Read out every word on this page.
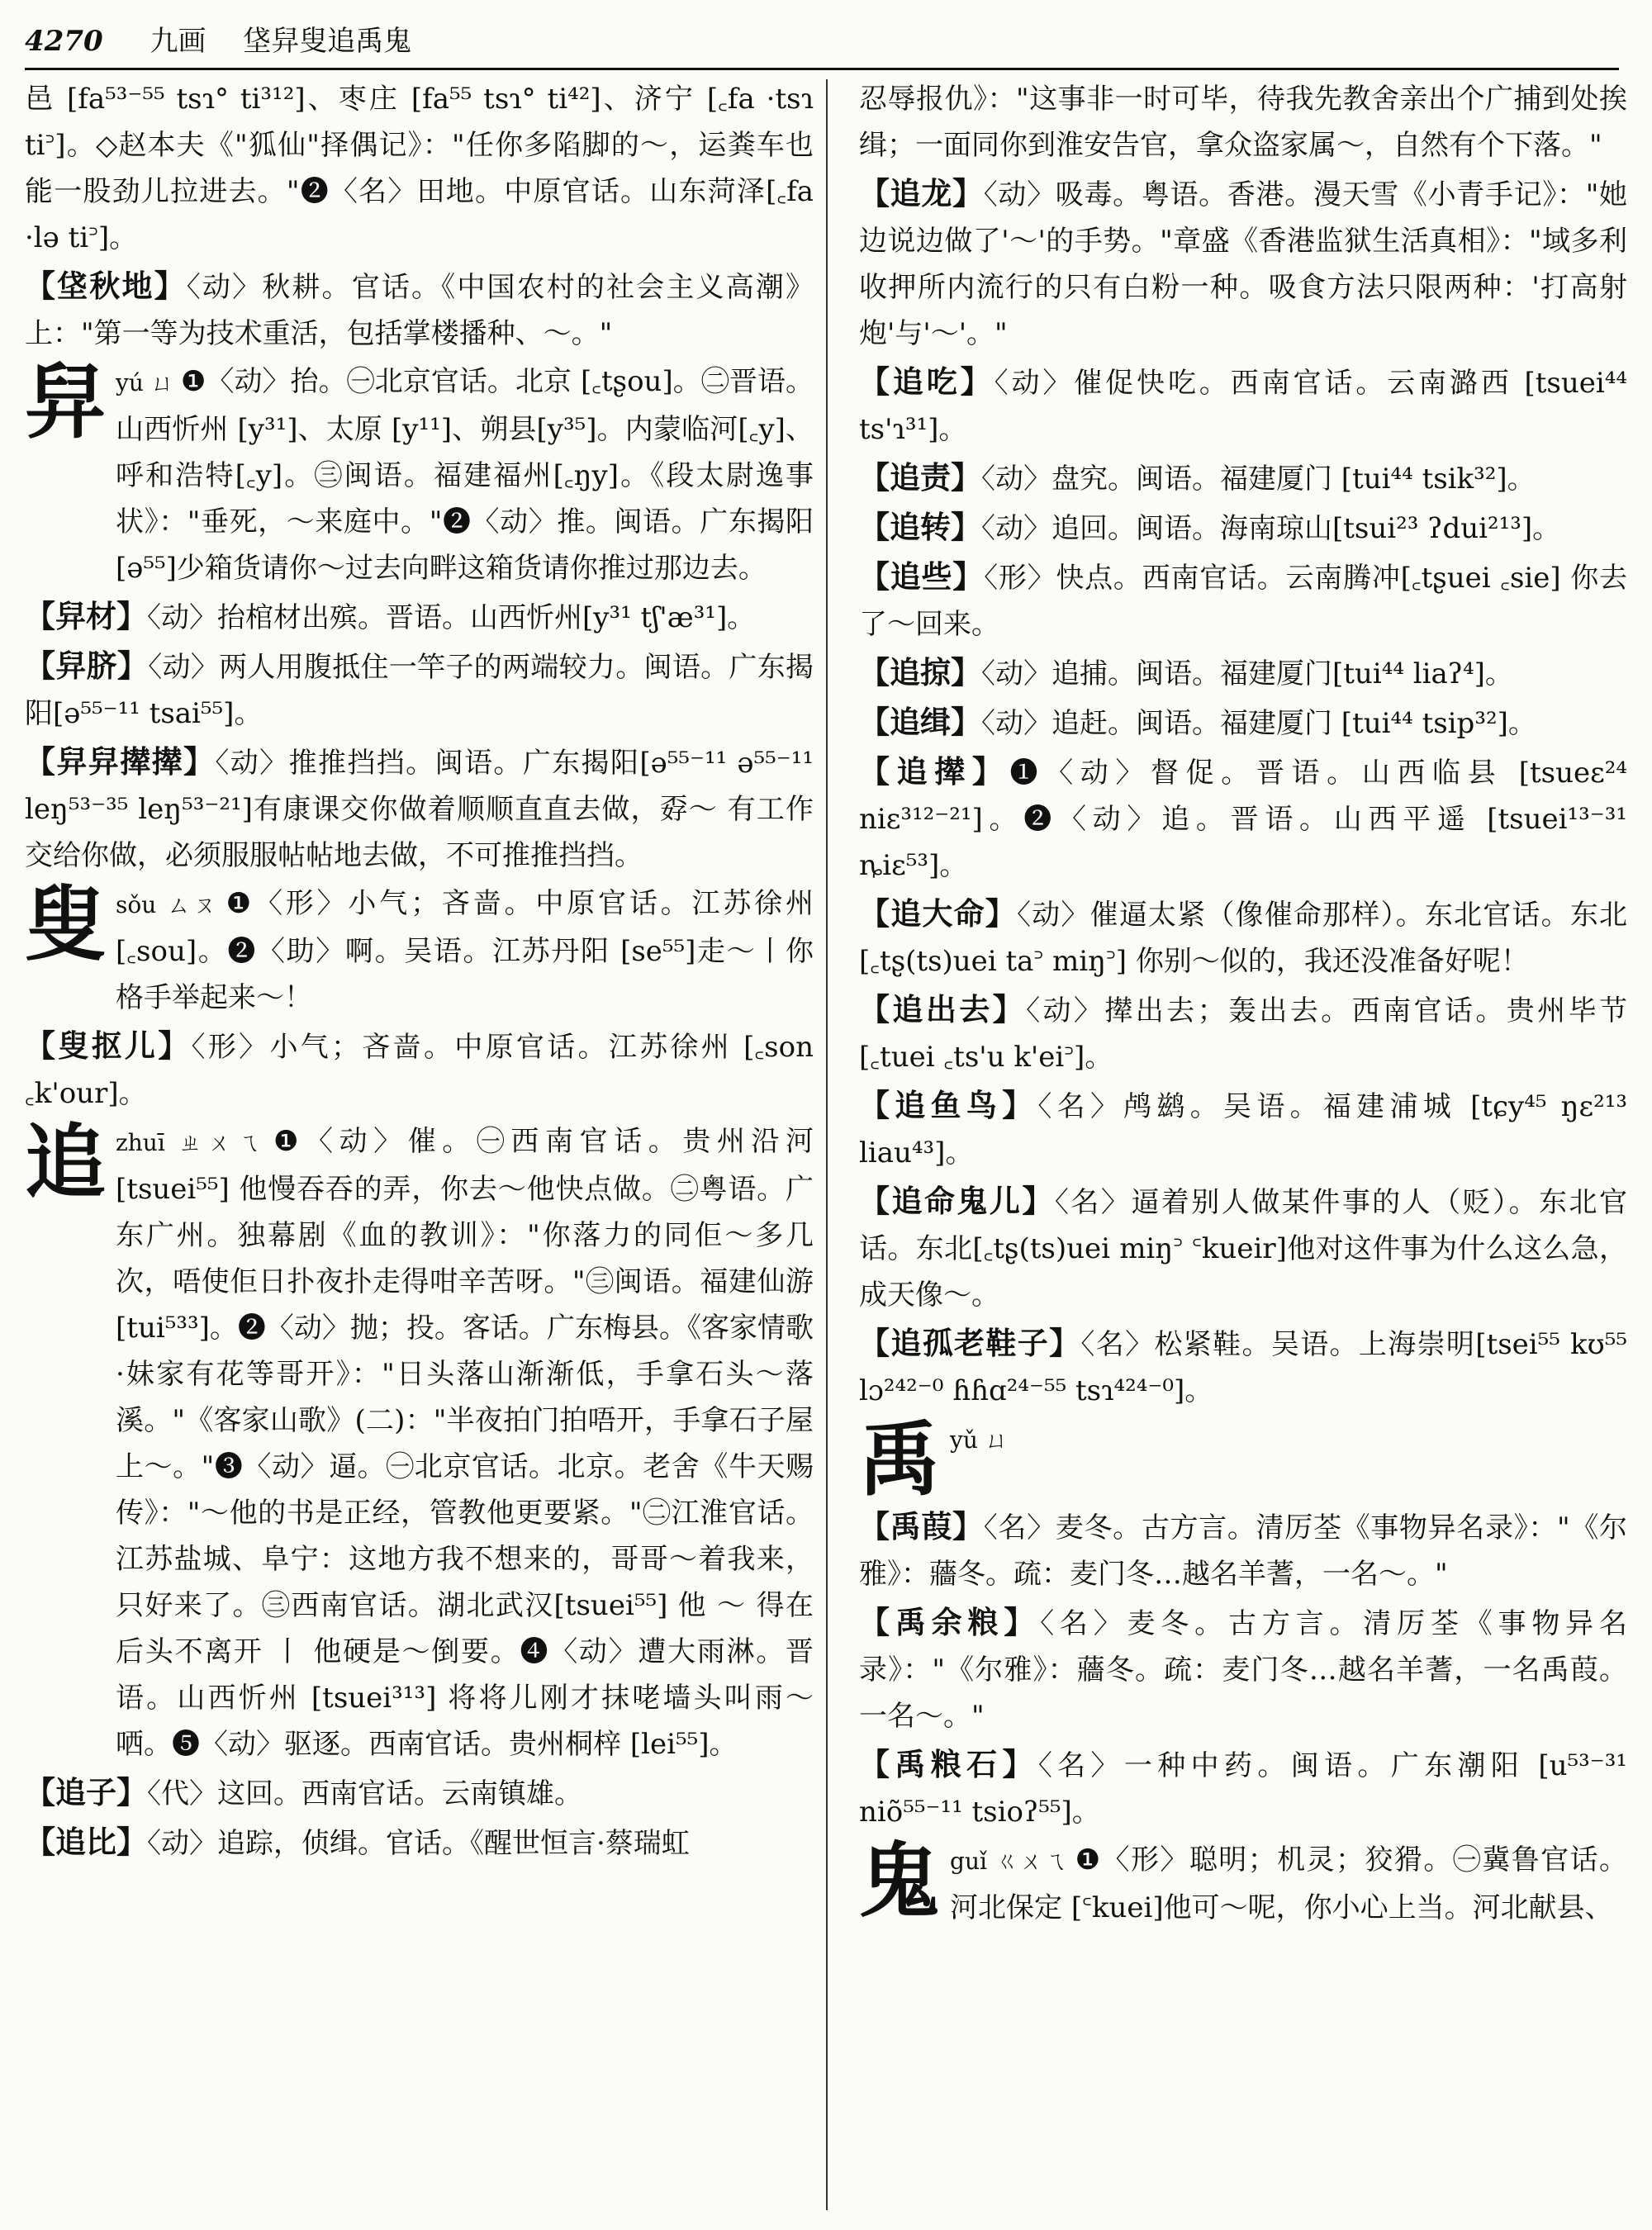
4270 九画 垡舁叟追禹鬼
邑 [fa⁵³⁻⁵⁵ tsɿ° ti³¹²]、枣庄 [fa⁵⁵ tsɿ° ti⁴²]、济宁 [꜀fa ·tsɿ ti꜄]。◇赵本夫《"狐仙"择偶记》："任你多陷脚的～，运粪车也能一股劲儿拉进去。"❷〈名〉田地。中原官话。山东菏泽[꜀fa ·lə ti꜄]。
【垡秋地】〈动〉秋耕。官话。《中国农村的社会主义高潮》上："第一等为技术重活，包括掌楼播种、～。"
舁 yú ㄩ ❶〈动〉抬。㊀北京官话。北京 [꜀tʂou]。㊁晋语。山西忻州 [y³¹]、太原 [y¹¹]、朔县[y³⁵]。内蒙临河[꜀y]、呼和浩特[꜀y]。㊂闽语。福建福州[꜀ŋy]。《段太尉逸事状》："垂死，～来庭中。"❷〈动〉推。闽语。广东揭阳 [ə⁵⁵]少箱货请你～过去向畔这箱货请你推过那边去。
【舁材】〈动〉抬棺材出殡。晋语。山西忻州[y³¹ tʃ'æ³¹]。
【舁脐】〈动〉两人用腹抵住一竿子的两端较力。闽语。广东揭阳[ə⁵⁵⁻¹¹ tsai⁵⁵]。
【舁舁撵撵】〈动〉推推挡挡。闽语。广东揭阳[ə⁵⁵⁻¹¹ ə⁵⁵⁻¹¹ leŋ⁵³⁻³⁵ leŋ⁵³⁻²¹]有康课交你做着顺顺直直去做，孬～ 有工作交给你做，必须服服帖帖地去做，不可推推挡挡。
叟 sǒu ㄙㄡ ❶〈形〉小气；吝啬。中原官话。江苏徐州[꜀sou]。❷〈助〉啊。吴语。江苏丹阳 [se⁵⁵]走～丨你格手举起来～！
【叟抠儿】〈形〉小气；吝啬。中原官话。江苏徐州 [꜀son ꜀k'our]。
追 zhuī ㄓㄨㄟ ❶〈动〉催。㊀西南官话。贵州沿河 [tsuei⁵⁵] 他慢吞吞的弄，你去～他快点做。㊁粤语。广东广州。独幕剧《血的教训》："你落力的同佢～多几次，唔使佢日扑夜扑走得咁辛苦呀。"㊂闽语。福建仙游 [tui⁵³³]。❷〈动〉抛；投。客话。广东梅县。《客家情歌·妹家有花等哥开》："日头落山渐渐低，手拿石头～落溪。"《客家山歌》(二)："半夜拍门拍唔开，手拿石子屋上～。"❸〈动〉逼。㊀北京官话。北京。老舍《牛天赐传》："～他的书是正经，管教他更要紧。"㊁江淮官话。江苏盐城、阜宁：这地方我不想来的，哥哥～着我来，只好来了。㊂西南官话。湖北武汉[tsuei⁵⁵] 他 ～ 得在后头不离开 丨 他硬是～倒要。❹〈动〉遭大雨淋。晋语。山西忻州 [tsuei³¹³] 将将儿刚才抹咾墙头叫雨～哂。❺〈动〉驱逐。西南官话。贵州桐梓 [lei⁵⁵]。
【追子】〈代〉这回。西南官话。云南镇雄。
【追比】〈动〉追踪，侦缉。官话。《醒世恒言·蔡瑞虹
忍辱报仇》："这事非一时可毕，待我先教舍亲出个广捕到处挨缉；一面同你到淮安告官，拿众盗家属～，自然有个下落。"
【追龙】〈动〉吸毒。粤语。香港。漫天雪《小青手记》："她边说边做了'～'的手势。"章盛《香港监狱生活真相》："域多利收押所内流行的只有白粉一种。吸食方法只限两种：'打高射炮'与'～'。"
【追吃】〈动〉催促快吃。西南官话。云南潞西 [tsuei⁴⁴ ts'ɿ³¹]。
【追责】〈动〉盘究。闽语。福建厦门 [tui⁴⁴ tsik³²]。
【追转】〈动〉追回。闽语。海南琼山[tsui²³ ʔdui²¹³]。
【追些】〈形〉快点。西南官话。云南腾冲[꜀tʂuei ꜀sie] 你去了～回来。
【追掠】〈动〉追捕。闽语。福建厦门[tui⁴⁴ liaʔ⁴]。
【追缉】〈动〉追赶。闽语。福建厦门 [tui⁴⁴ tsip³²]。
【追撵】❶〈动〉督促。晋语。山西临县 [tsueɛ²⁴ niɛ³¹²⁻²¹]。❷〈动〉追。晋语。山西平遥 [tsuei¹³⁻³¹ ȵiɛ⁵³]。
【追大命】〈动〉催逼太紧（像催命那样）。东北官话。东北 [꜀tʂ(ts)uei ta꜄ miŋ꜄] 你别～似的，我还没准备好呢！
【追出去】〈动〉撵出去；轰出去。西南官话。贵州毕节 [꜀tuei ꜀ts'u k'ei꜄]。
【追鱼鸟】〈名〉鸬鹚。吴语。福建浦城 [tɕy⁴⁵ ŋɛ²¹³ liau⁴³]。
【追命鬼儿】〈名〉逼着别人做某件事的人（贬）。东北官话。东北[꜀tʂ(ts)uei miŋ꜄ ꜂kueir]他对这件事为什么这么急，成天像～。
【追孤老鞋子】〈名〉松紧鞋。吴语。上海崇明[tsei⁵⁵ kʊ⁵⁵ lɔ²⁴²⁻⁰ ɦɦɑ²⁴⁻⁵⁵ tsɿ⁴²⁴⁻⁰]。
禹 yǔ ㄩ
【禹葭】〈名〉麦冬。古方言。清厉荃《事物异名录》："《尔雅》：蘠冬。疏：麦门冬…越名羊蓍，一名～。"
【禹余粮】〈名〉麦冬。古方言。清厉荃《事物异名录》："《尔雅》：蘠冬。疏：麦门冬…越名羊蓍，一名禹葭。一名～。"
【禹粮石】〈名〉一种中药。闽语。广东潮阳 [u⁵³⁻³¹ niõ⁵⁵⁻¹¹ tsioʔ⁵⁵]。
鬼 guǐ ㄍㄨㄟ ❶〈形〉聪明；机灵；狡猾。㊀冀鲁官话。河北保定 [꜂kuei]他可～呢，你小心上当。河北献县、
